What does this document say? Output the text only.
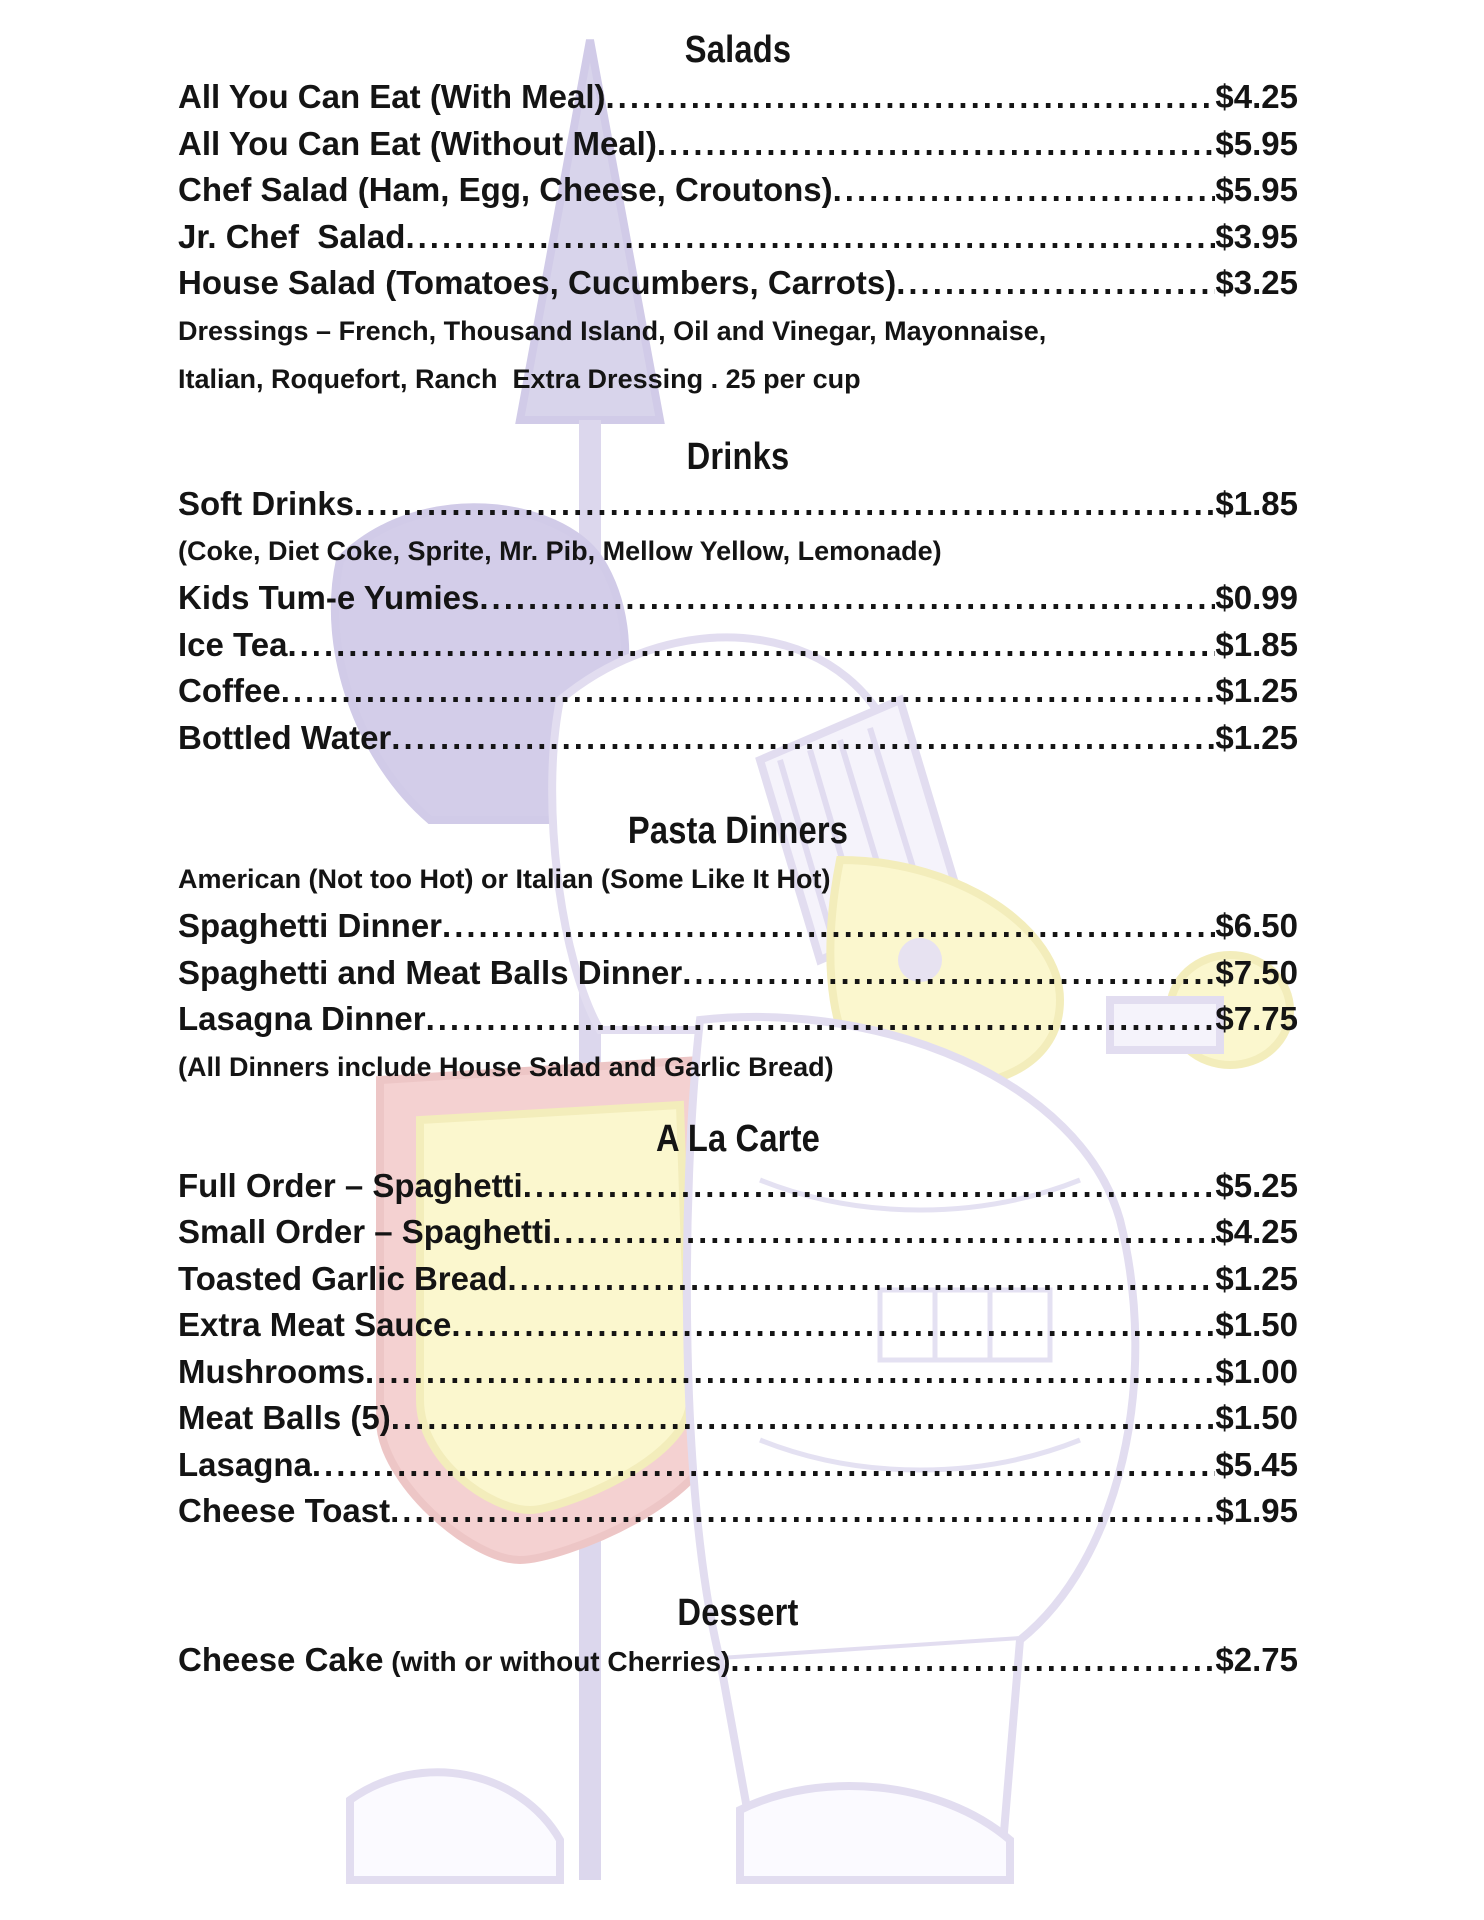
Salads
All You Can Eat (With Meal) .....	$4.25
All You Can Eat (Without Meal) .....	$5.95
Chef Salad (Ham, Egg, Cheese, Croutons) .....	$5.95
Jr. Chef  Salad .....	$3.95
House Salad (Tomatoes, Cucumbers, Carrots) .....	$3.25
Dressings – French, Thousand Island, Oil and Vinegar, Mayonnaise,
Italian, Roquefort, Ranch  Extra Dressing . 25 per cup
Drinks
Soft Drinks .....	$1.85
(Coke, Diet Coke, Sprite, Mr. Pib, Mellow Yellow, Lemonade)
Kids Tum-e Yumies .....	$0.99
Ice Tea .....	$1.85
Coffee .....	$1.25
Bottled Water .....	$1.25
Pasta Dinners
American (Not too Hot) or Italian (Some Like It Hot)
Spaghetti Dinner .....	$6.50
Spaghetti and Meat Balls Dinner .....	$7.50
Lasagna Dinner .....	$7.75
(All Dinners include House Salad and Garlic Bread)
A La Carte
Full Order – Spaghetti .....	$5.25
Small Order – Spaghetti .....	$4.25
Toasted Garlic Bread .....	$1.25
Extra Meat Sauce .....	$1.50
Mushrooms .....	$1.00
Meat Balls (5) .....	$1.50
Lasagna .....	$5.45
Cheese Toast .....	$1.95
Dessert
Cheese Cake (with or without Cherries) .....	$2.75
